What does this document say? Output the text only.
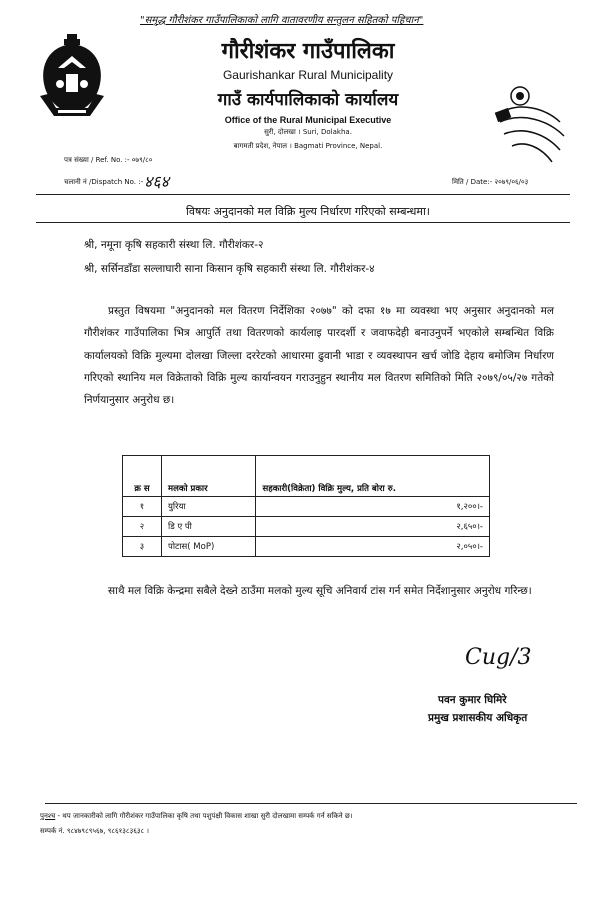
"समृद्ध गौरीशंकर गाउँपालिकाको लागि वातावरणीय सन्तुलन सहितको पहिचान"
गौरीशंकर गाउँपालिका
Gaurishankar Rural Municipality
गाउँ कार्यपालिकाको कार्यालय
Office of the Rural Municipal Executive
सुरी, दोलखा । Suri, Dolakha.
बागमती प्रदेश, नेपाल । Bagmati Province, Nepal.
पत्र संख्या / Ref. No. :- ०७९/८०
चलानी नं /Dispatch No. :- ४६४	मिति / Date:- २०७९/०६/०३
विषयः अनुदानको मल विक्रि मुल्य निर्धारण गरिएको सम्बन्धमा।
श्री, नमूना कृषि सहकारी संस्था लि. गौरीशंकर-२
श्री, सर्सिनडाँडा सल्लाघारी साना किसान कृषि सहकारी संस्था लि. गौरीशंकर-४
प्रस्तुत विषयमा "अनुदानको मल वितरण निर्देशिका २०७७" को दफा १७ मा व्यवस्था भए अनुसार अनुदानको मल गौरीशंकर गाउँपालिका भित्र आपुर्ति तथा वितरणको कार्यलाइ पारदर्शी र जवाफदेही बनाउनुपर्ने भएकोले सम्बन्धित विक्रि कार्यालयको विक्रि मुल्यमा दोलखा जिल्ला दररेटको आधारमा ढुवानी भाडा र व्यवस्थापन खर्च जोडि देहाय बमोजिम निर्धारण गरिएको स्थानिय मल विक्रेताको विक्रि मुल्य कार्यान्वयन गराउनुहुन स्थानीय मल वितरण समितिको मिति २०७९/०५/२७ गतेको निर्णयानुसार अनुरोध छ।
क्र स	मलको प्रकार	सहकारी(विक्रेता) विक्रि मुल्य, प्रति बोरा रु.
१	युरिया	१,२००।-
२	डि ए पी	२,६५०।-
३	पोटास( MoP)	२,०५०।-
साथै मल विक्रि केन्द्रमा सबैले देख्ने ठाउँमा मलको मुल्य सूचि अनिवार्य टांस गर्न समेत निर्देशानुसार अनुरोध गरिन्छ।
Cug/3
पवन कुमार घिमिरे
प्रमुख प्रशासकीय अधिकृत
पुनश्च - थप जानकारीको लागि गौरीशंकर गाउँपालिका कृषि तथा पशुपंक्षी विकास शाखा सुरी दोलखामा सम्पर्क गर्न सकिने छ।
सम्पर्क नं. ९८४७९८९५६७, ९८६१३८३६३८ ।
